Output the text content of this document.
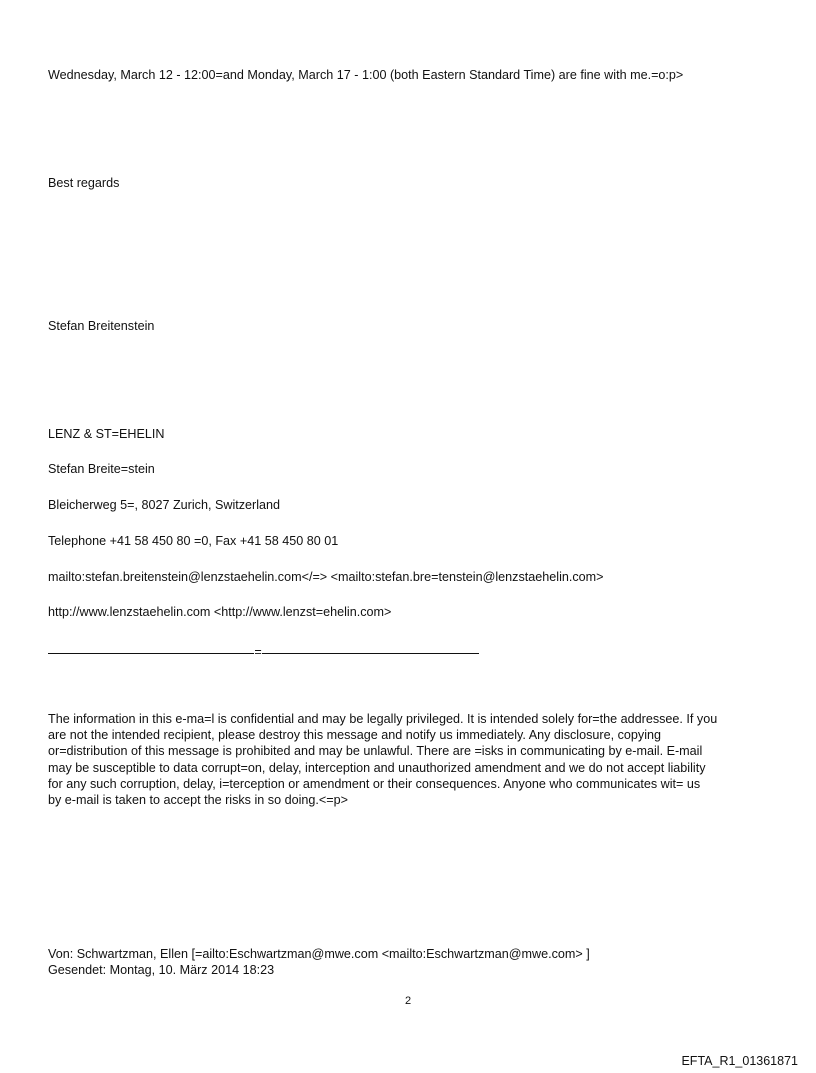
Wednesday, March 12 - 12:00=and Monday, March 17 - 1:00 (both Eastern Standard Time) are fine with me.=o:p>
Best regards
Stefan Breitenstein
LENZ & ST=EHELIN
Stefan Breite=stein
Bleicherweg 5=, 8027 Zurich, Switzerland
Telephone +41 58 450 80 =0, Fax +41 58 450 80 01
mailto:stefan.breitenstein@lenzstaehelin.com</=> <mailto:stefan.bre=tenstein@lenzstaehelin.com>
http://www.lenzstaehelin.com <http://www.lenzst=ehelin.com>
=
The information in this e-ma=l is confidential and may be legally privileged. It is intended solely for=the addressee. If you
are not the intended recipient, please destroy this message and notify us immediately. Any disclosure, copying
or=distribution of this message is prohibited and may be unlawful. There are =isks in communicating by e-mail. E-mail
may be susceptible to data corrupt=on, delay, interception and unauthorized amendment and we do not accept liability
for any such corruption, delay, i=terception or amendment or their consequences. Anyone who communicates wit= us
by e-mail is taken to accept the risks in so doing.<=p>
Von: Schwartzman, Ellen [=ailto:Eschwartzman@mwe.com <mailto:Eschwartzman@mwe.com> ]
Gesendet: Montag, 10. März 2014 18:23
2
EFTA_R1_01361871
